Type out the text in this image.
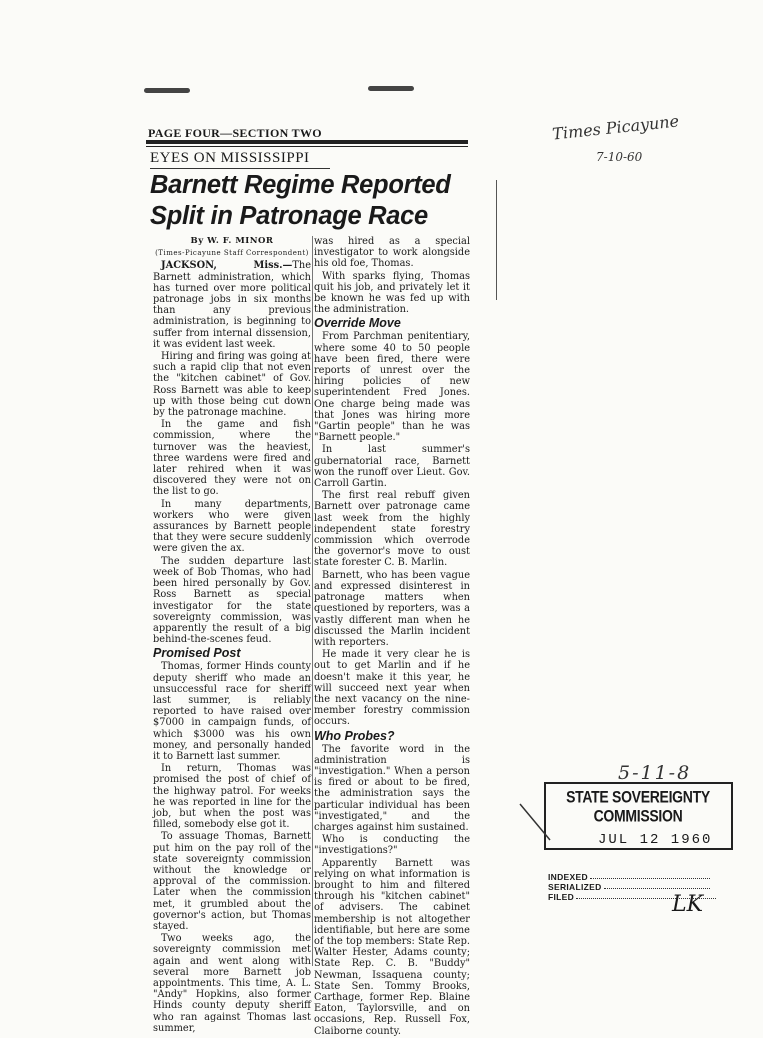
PAGE FOUR—SECTION TWO
EYES ON MISSISSIPPI
Barnett Regime Reported Split in Patronage Race

By W. F. MINOR

(Times-Picayune Staff Correspondent)

JACKSON, Miss.—The Barnett administration, which has turned over more political patronage jobs in six months than any previous administration, is beginning to suffer from internal dissension, it was evident last week.

Hiring and firing was going at such a rapid clip that not even the "kitchen cabinet" of Gov. Ross Barnett was able to keep up with those being cut down by the patronage machine.

In the game and fish commission, where the turnover was the heaviest, three wardens were fired and later rehired when it was discovered they were not on the list to go.

In many departments, workers who were given assurances by Barnett people that they were secure suddenly were given the ax.

The sudden departure last week of Bob Thomas, who had been hired personally by Gov. Ross Barnett as special investigator for the state sovereignty commission, was apparently the result of a big behind-the-scenes feud.

Promised Post

Thomas, former Hinds county deputy sheriff who made an unsuccessful race for sheriff last summer, is reliably reported to have raised over $7000 in campaign funds, of which $3000 was his own money, and personally handed it to Barnett last summer.

In return, Thomas was promised the post of chief of the highway patrol. For weeks he was reported in line for the job, but when the post was filled, somebody else got it.

To assuage Thomas, Barnett put him on the pay roll of the state sovereignty commission without the knowledge or approval of the commission. Later when the commission met, it grumbled about the governor's action, but Thomas stayed.

Two weeks ago, the sovereignty commission met again and went along with several more Barnett job appointments. This time, A. L. "Andy" Hopkins, also former Hinds county deputy sheriff who ran against Thomas last summer,

was hired as a special investigator to work alongside his old foe, Thomas.

With sparks flying, Thomas quit his job, and privately let it be known he was fed up with the administration.

Override Move

From Parchman penitentiary, where some 40 to 50 people have been fired, there were reports of unrest over the hiring policies of new superintendent Fred Jones. One charge being made was that Jones was hiring more "Gartin people" than he was "Barnett people."

In last summer's gubernatorial race, Barnett won the runoff over Lieut. Gov. Carroll Gartin.

The first real rebuff given Barnett over patronage came last week from the highly independent state forestry commission which overrode the governor's move to oust state forester C. B. Marlin.

Barnett, who has been vague and expressed disinterest in patronage matters when questioned by reporters, was a vastly different man when he discussed the Marlin incident with reporters.

He made it very clear he is out to get Marlin and if he doesn't make it this year, he will succeed next year when the next vacancy on the nine-member forestry commission occurs.

Who Probes?

The favorite word in the administration is "investigation." When a person is fired or about to be fired, the administration says the particular individual has been "investigated," and the charges against him sustained.

Who is conducting the "investigations?"

Apparently Barnett was relying on what information is brought to him and filtered through his "kitchen cabinet" of advisers. The cabinet membership is not altogether identifiable, but here are some of the top members: State Rep. Walter Hester, Adams county; State Rep. C. B. "Buddy" Newman, Issaquena county; State Sen. Tommy Brooks, Carthage, former Rep. Blaine Eaton, Taylorsville, and on occasions, Rep. Russell Fox, Claiborne county.

Times Picayune
7-10-60
5-11-8
STATE SOVEREIGNTY COMMISSION
JUL 12 1960
INDEXED
SERIALIZED
FILED	LK
